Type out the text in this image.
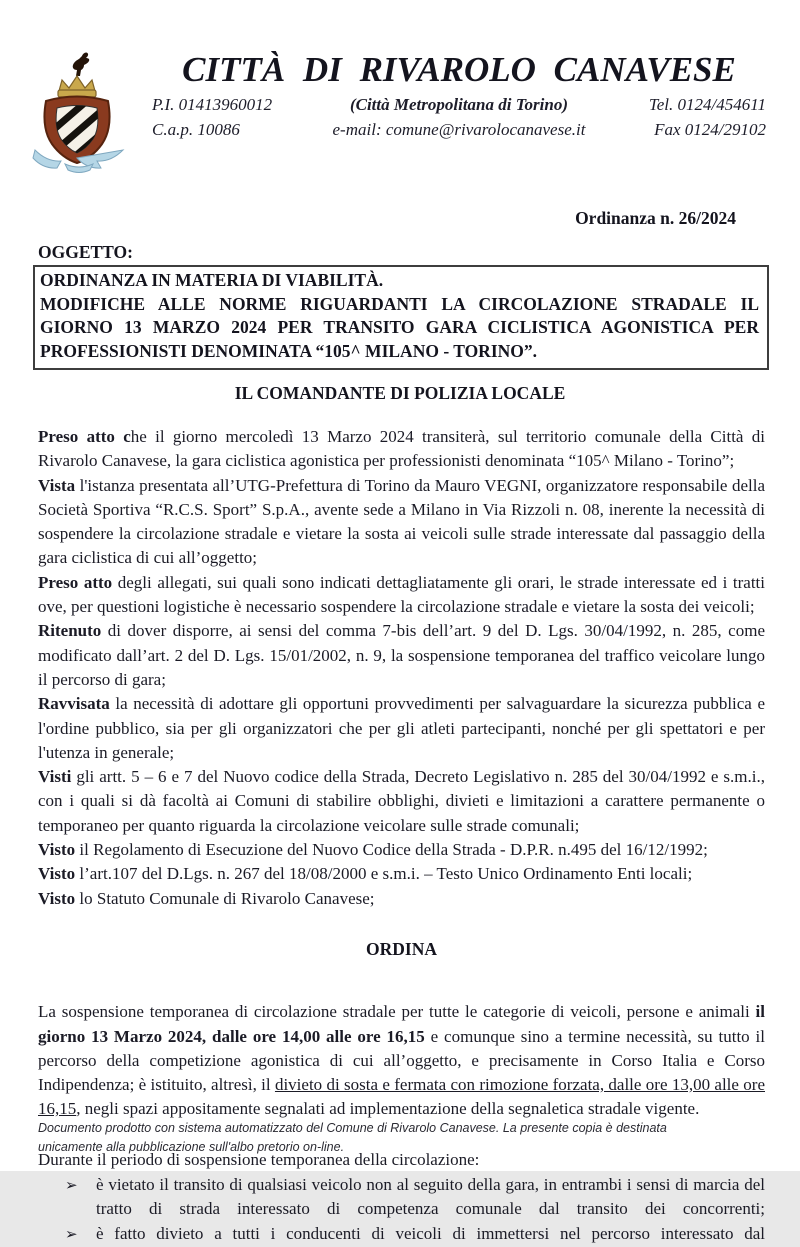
CITTÀ DI RIVAROLO CANAVESE
P.I. 01413960012	(Città Metropolitana di Torino)	Tel. 0124/454611
C.a.p. 10086	e-mail: comune@rivarolocanavese.it	Fax 0124/29102
Ordinanza n. 26/2024
OGGETTO:
ORDINANZA IN MATERIA DI VIABILITÀ.
MODIFICHE ALLE NORME RIGUARDANTI LA CIRCOLAZIONE STRADALE IL GIORNO 13 MARZO 2024 PER TRANSITO GARA CICLISTICA AGONISTICA PER PROFESSIONISTI DENOMINATA “105^ MILANO - TORINO”.
IL COMANDANTE DI POLIZIA LOCALE

Preso atto che il giorno mercoledì 13 Marzo 2024 transiterà, sul territorio comunale della Città di Rivarolo Canavese, la gara ciclistica agonistica per professionisti denominata “105^ Milano - Torino”;

Vista l'istanza presentata all’UTG-Prefettura di Torino da Mauro VEGNI, organizzatore responsabile della Società Sportiva “R.C.S. Sport” S.p.A., avente sede a Milano in Via Rizzoli n. 08, inerente la necessità di sospendere la circolazione stradale e vietare la sosta ai veicoli sulle strade interessate dal passaggio della gara ciclistica di cui all’oggetto;

Preso atto degli allegati, sui quali sono indicati dettagliatamente gli orari, le strade interessate ed i tratti ove, per questioni logistiche è necessario sospendere la circolazione stradale e vietare la sosta dei veicoli;

Ritenuto di dover disporre, ai sensi del comma 7-bis dell’art. 9 del D. Lgs. 30/04/1992, n. 285, come modificato dall’art. 2 del D. Lgs. 15/01/2002, n. 9, la sospensione temporanea del traffico veicolare lungo il percorso di gara;

Ravvisata la necessità di adottare gli opportuni provvedimenti per salvaguardare la sicurezza pubblica e l'ordine pubblico, sia per gli organizzatori che per gli atleti partecipanti, nonché per gli spettatori e per l'utenza in generale;

Visti gli artt. 5 – 6 e 7 del Nuovo codice della Strada, Decreto Legislativo n. 285 del 30/04/1992 e s.m.i., con i quali si dà facoltà ai Comuni di stabilire obblighi, divieti e limitazioni a carattere permanente o temporaneo per quanto riguarda la circolazione veicolare sulle strade comunali;

Visto il Regolamento di Esecuzione del Nuovo Codice della Strada - D.P.R. n.495 del 16/12/1992;

Visto l’art.107 del D.Lgs. n. 267 del 18/08/2000 e s.m.i. – Testo Unico Ordinamento Enti locali;

Visto lo Statuto Comunale di Rivarolo Canavese;

ORDINA

La sospensione temporanea di circolazione stradale per tutte le categorie di veicoli, persone e animali il giorno 13 Marzo 2024, dalle ore 14,00 alle ore 16,15 e comunque sino a termine necessità, su tutto il percorso della competizione agonistica di cui all’oggetto, e precisamente in Corso Italia e Corso Indipendenza; è istituito, altresì, il divieto di sosta e fermata con rimozione forzata, dalle ore 13,00 alle ore 16,15, negli spazi appositamente segnalati ad implementazione della segnaletica stradale vigente.

Durante il periodo di sospensione temporanea della circolazione:

➢	è vietato il transito di qualsiasi veicolo non al seguito della gara, in entrambi i sensi di marcia del tratto di strada interessato di competenza comunale dal transito dei concorrenti;
➢	è fatto divieto a tutti i conducenti di veicoli di immettersi nel percorso interessato dal
Documento prodotto con sistema automatizzato del Comune di Rivarolo Canavese. La presente copia è destinata unicamente alla pubblicazione sull'albo pretorio on-line.
